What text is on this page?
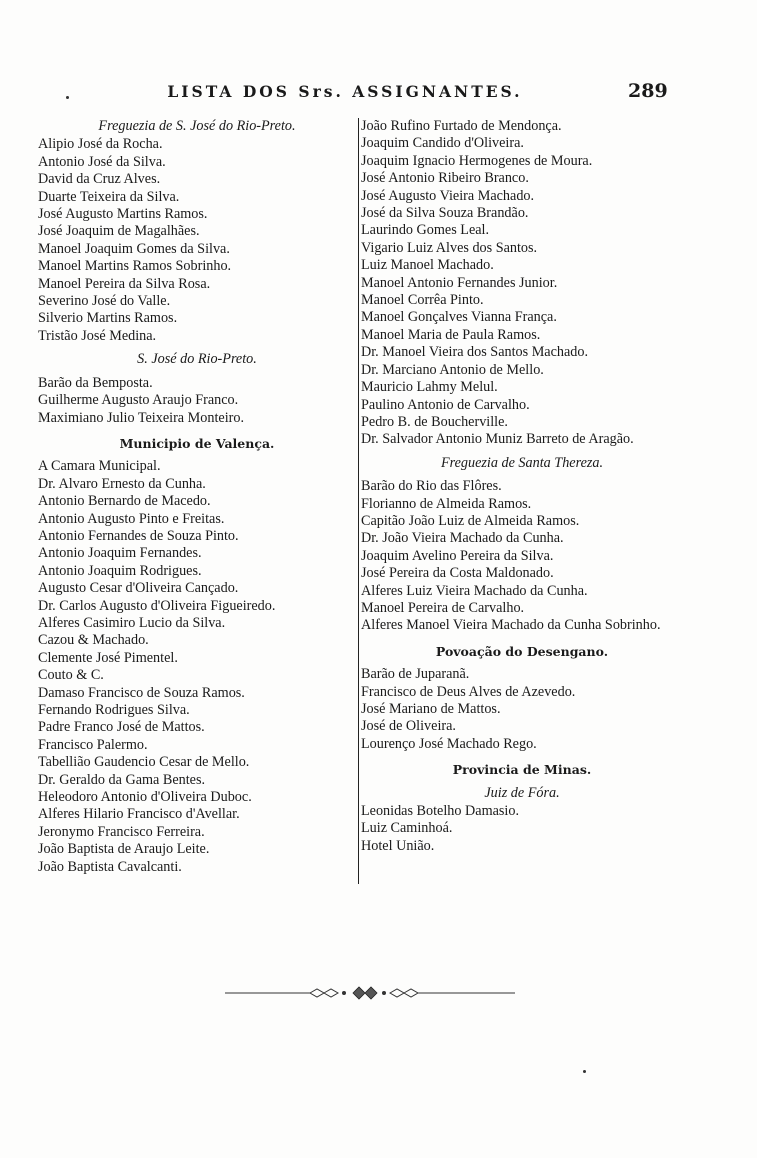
LISTA DOS Srs. ASSIGNANTES.	289
Freguezia de S. José do Rio-Preto.
Alipio José da Rocha.
Antonio José da Silva.
David da Cruz Alves.
Duarte Teixeira da Silva.
José Augusto Martins Ramos.
José Joaquim de Magalhães.
Manoel Joaquim Gomes da Silva.
Manoel Martins Ramos Sobrinho.
Manoel Pereira da Silva Rosa.
Severino José do Valle.
Silverio Martins Ramos.
Tristão José Medina.
S. José do Rio-Preto.
Barão da Bemposta.
Guilherme Augusto Araujo Franco.
Maximiano Julio Teixeira Monteiro.
Municipio de Valença.
A Camara Municipal.
Dr. Alvaro Ernesto da Cunha.
Antonio Bernardo de Macedo.
Antonio Augusto Pinto e Freitas.
Antonio Fernandes de Souza Pinto.
Antonio Joaquim Fernandes.
Antonio Joaquim Rodrigues.
Augusto Cesar d'Oliveira Cançado.
Dr. Carlos Augusto d'Oliveira Figueiredo.
Alferes Casimiro Lucio da Silva.
Cazou & Machado.
Clemente José Pimentel.
Couto & C.
Damaso Francisco de Souza Ramos.
Fernando Rodrigues Silva.
Padre Franco José de Mattos.
Francisco Palermo.
Tabellião Gaudencio Cesar de Mello.
Dr. Geraldo da Gama Bentes.
Heleodoro Antonio d'Oliveira Duboc.
Alferes Hilario Francisco d'Avellar.
Jeronymo Francisco Ferreira.
João Baptista de Araujo Leite.
João Baptista Cavalcanti.
João Rufino Furtado de Mendonça.
Joaquim Candido d'Oliveira.
Joaquim Ignacio Hermogenes de Moura.
José Antonio Ribeiro Branco.
José Augusto Vieira Machado.
José da Silva Souza Brandão.
Laurindo Gomes Leal.
Vigario Luiz Alves dos Santos.
Luiz Manoel Machado.
Manoel Antonio Fernandes Junior.
Manoel Corrêa Pinto.
Manoel Gonçalves Vianna França.
Manoel Maria de Paula Ramos.
Dr. Manoel Vieira dos Santos Machado.
Dr. Marciano Antonio de Mello.
Mauricio Lahmy Melul.
Paulino Antonio de Carvalho.
Pedro B. de Boucherville.
Dr. Salvador Antonio Muniz Barreto de Aragão.
Freguezia de Santa Thereza.
Barão do Rio das Flôres.
Florianno de Almeida Ramos.
Capitão João Luiz de Almeida Ramos.
Dr. João Vieira Machado da Cunha.
Joaquim Avelino Pereira da Silva.
José Pereira da Costa Maldonado.
Alferes Luiz Vieira Machado da Cunha.
Manoel Pereira de Carvalho.
Alferes Manoel Vieira Machado da Cunha Sobrinho.
Povoação do Desengano.
Barão de Juparanã.
Francisco de Deus Alves de Azevedo.
José Mariano de Mattos.
José de Oliveira.
Lourenço José Machado Rego.
Provincia de Minas.
Juiz de Fóra.
Leonidas Botelho Damasio.
Luiz Caminhoá.
Hotel União.
